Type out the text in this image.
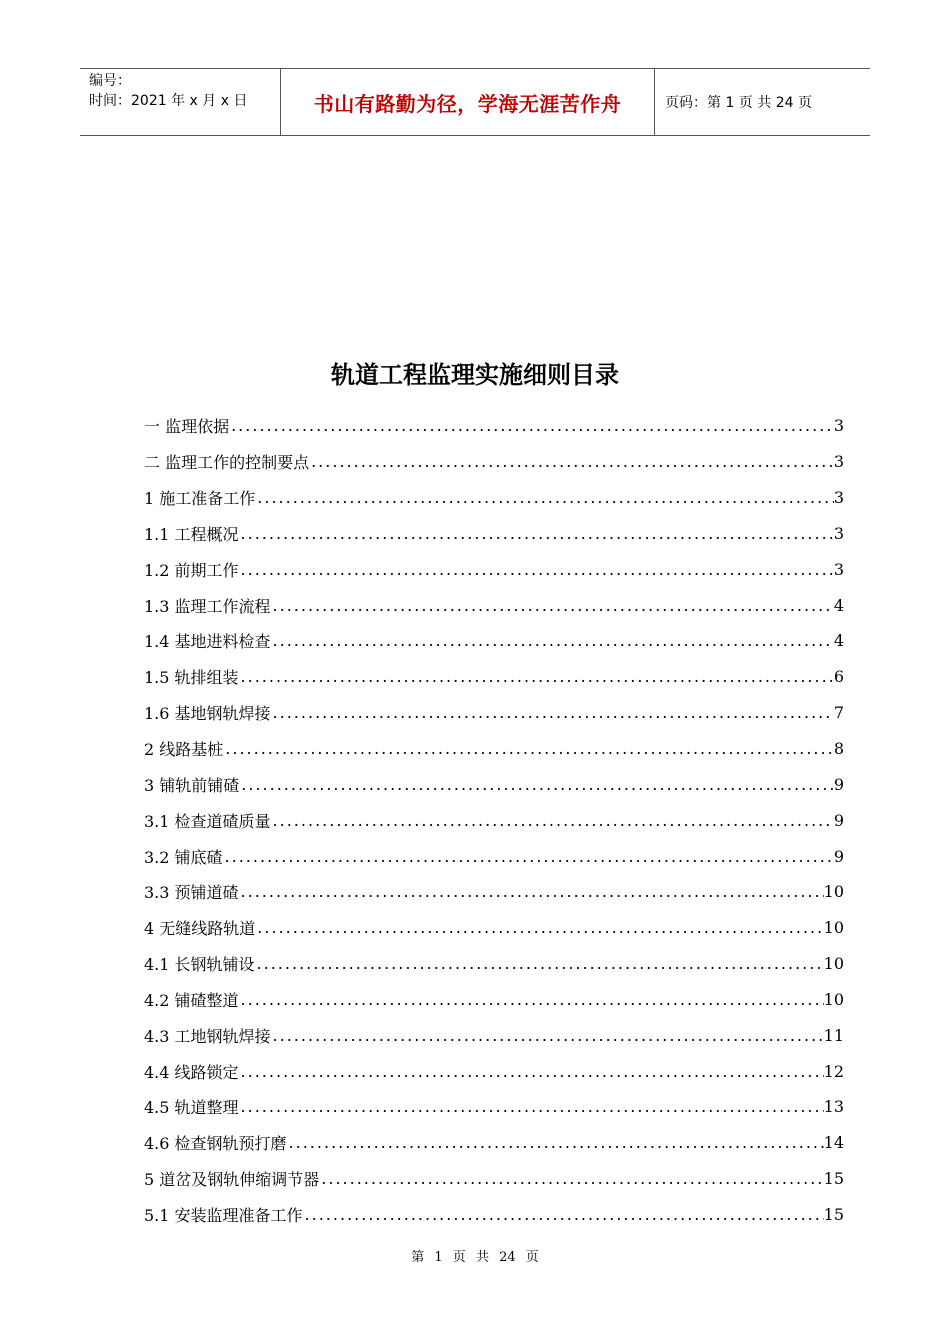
编号：
时间：2021 年 x 月 x 日	书山有路勤为径，学海无涯苦作舟	页码：第 1 页 共 24 页
轨道工程监理实施细则目录
一 监理依据 .....	3
二 监理工作的控制要点 .....	3
1 施工准备工作 .....	3
1.1 工程概况 .....	3
1.2 前期工作 .....	3
1.3 监理工作流程 .....	4
1.4 基地进料检查 .....	4
1.5 轨排组装 .....	6
1.6 基地钢轨焊接 .....	7
2 线路基桩 .....	8
3 铺轨前铺碴 .....	9
3.1 检查道碴质量 .....	9
3.2 铺底碴 .....	9
3.3 预铺道碴 .....	10
4 无缝线路轨道 .....	10
4.1 长钢轨铺设 .....	10
4.2 铺碴整道 .....	10
4.3 工地钢轨焊接 .....	11
4.4 线路锁定 .....	12
4.5 轨道整理 .....	13
4.6 检查钢轨预打磨 .....	14
5 道岔及钢轨伸缩调节器 .....	15
5.1 安装监理准备工作 .....	15
第 1 页 共 24 页
